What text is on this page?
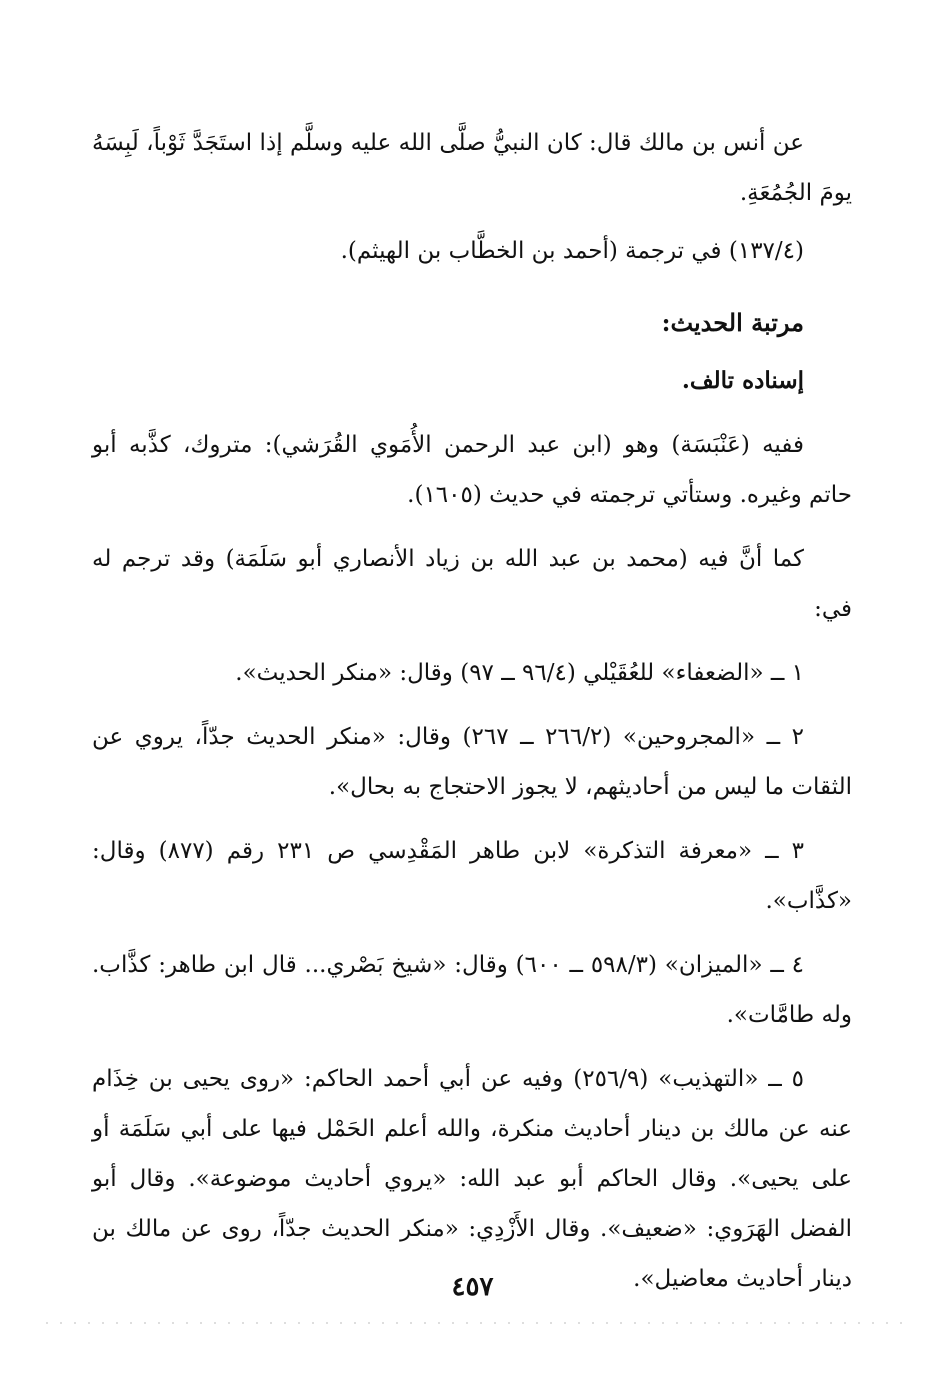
عن أنس بن مالك قال: كان النبيُّ صلَّى الله عليه وسلَّم إذا استَجَدَّ ثَوْباً، لَبِسَهُ يومَ الجُمُعَةِ.

(١٣٧/٤) في ترجمة (أحمد بن الخطَّاب بن الهيثم).

مرتبة الحديث:

إسناده تالف.

ففيه (عَنْبَسَة) وهو (ابن عبد الرحمن الأُمَوي القُرَشي): متروك، كذَّبه أبو حاتم وغيره. وستأتي ترجمته في حديث (١٦٠٥).

كما أنَّ فيه (محمد بن عبد الله بن زياد الأنصاري أبو سَلَمَة) وقد ترجم له في:

١ ــ «الضعفاء» للعُقَيْلي (٩٦/٤ ــ ٩٧) وقال: «منكر الحديث».

٢ ــ «المجروحين» (٢٦٦/٢ ــ ٢٦٧) وقال: «منكر الحديث جدّاً، يروي عن الثقات ما ليس من أحاديثهم، لا يجوز الاحتجاج به بحال».

٣ ــ «معرفة التذكرة» لابن طاهر المَقْدِسي ص ٢٣١ رقم (٨٧٧) وقال: «كذَّاب».

٤ ــ «الميزان» (٥٩٨/٣ ــ ٦٠٠) وقال: «شيخ بَصْري... قال ابن طاهر: كذَّاب. وله طامَّات».

٥ ــ «التهذيب» (٢٥٦/٩) وفيه عن أبي أحمد الحاكم: «روى يحيى بن خِذَام عنه عن مالك بن دينار أحاديث منكرة، والله أعلم الحَمْل فيها على أبي سَلَمَة أو على يحيى». وقال الحاكم أبو عبد الله: «يروي أحاديث موضوعة». وقال أبو الفضل الهَرَوي: «ضعيف». وقال الأَزْدِي: «منكر الحديث جدّاً، روى عن مالك بن دينار أحاديث معاضيل».

٤٥٧
